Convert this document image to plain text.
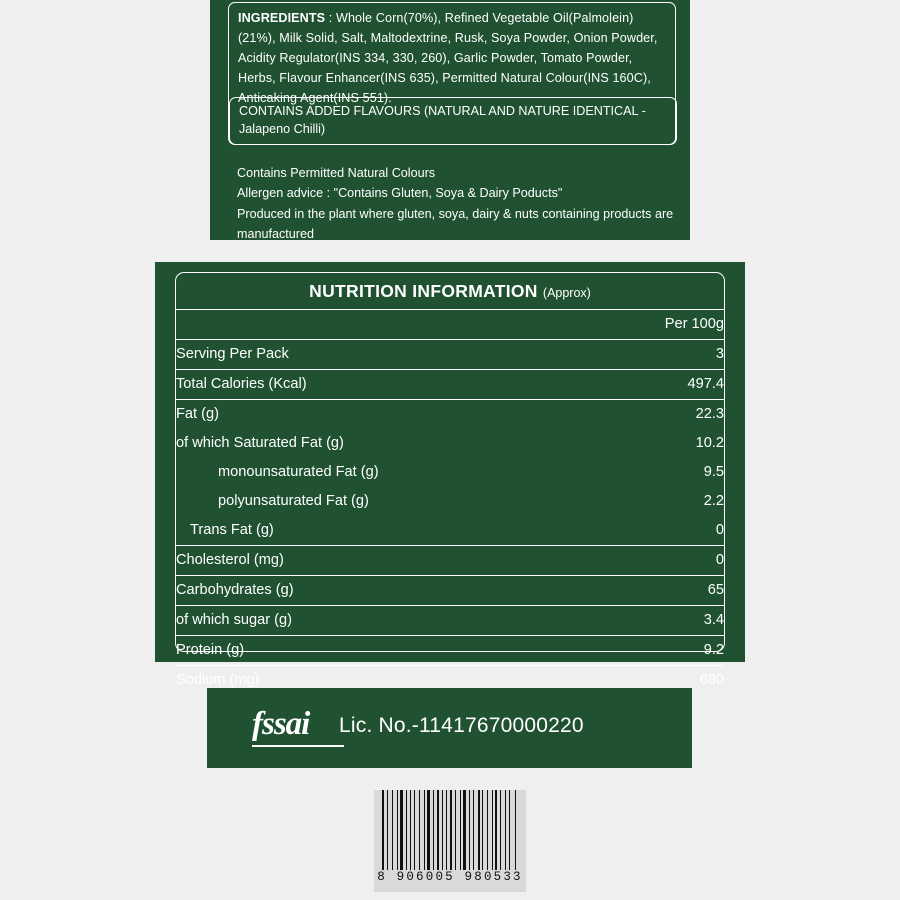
INGREDIENTS : Whole Corn(70%), Refined Vegetable Oil(Palmolein)(21%), Milk Solid, Salt, Maltodextrine, Rusk, Soya Powder, Onion Powder, Acidity Regulator(INS 334, 330, 260), Garlic Powder, Tomato Powder, Herbs, Flavour Enhancer(INS 635), Permitted Natural Colour(INS 160C), Anticaking Agent(INS 551).

CONTAINS ADDED FLAVOURS (NATURAL AND NATURE IDENTICAL - Jalapeno Chilli)

Contains Permitted Natural Colours
Allergen advice : "Contains Gluten, Soya & Dairy Poducts"
Produced in the plant where gluten, soya, dairy & nuts containing products are manufactured
NUTRITION INFORMATION (Approx)
	Per 100g
Serving Per Pack	3
Total Calories (Kcal)	497.4
Fat (g)	22.3
of which Saturated Fat (g)	10.2
monounsaturated Fat (g)	9.5
polyunsaturated Fat (g)	2.2
Trans Fat (g)	0
Cholesterol (mg)	0
Carbohydrates (g)	65
of which sugar (g)	3.4
Protein (g)	9.2
Sodium (mg)	680
fssai Lic. No.-11417670000220
8 906005 980533
